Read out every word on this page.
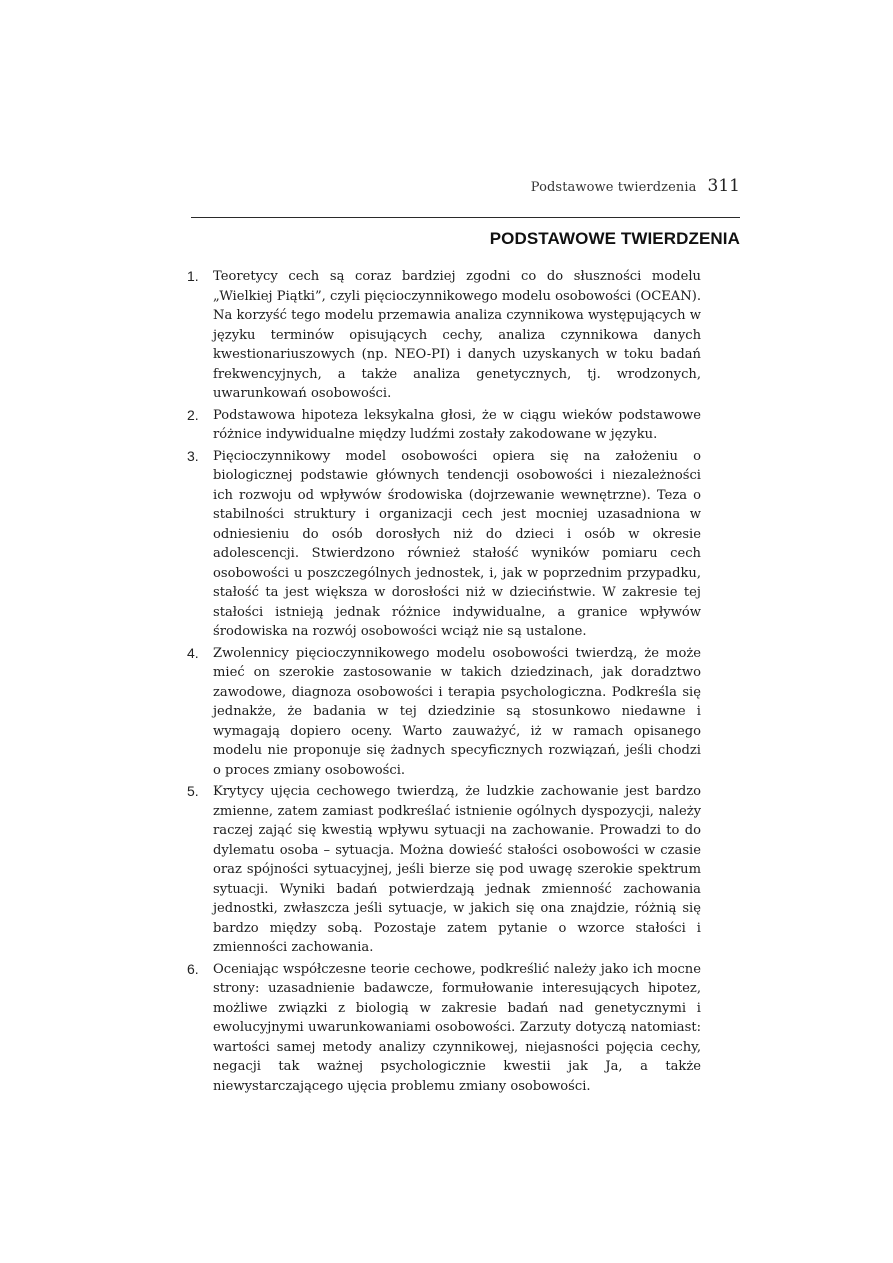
Podstawowe twierdzenia 311
PODSTAWOWE TWIERDZENIA
1. Teoretycy cech są coraz bardziej zgodni co do słuszności modelu „Wielkiej Piątki”, czyli pięcioczynnikowego modelu osobowości (OCEAN). Na korzyść tego modelu przemawia analiza czynnikowa występujących w języku terminów opisujących cechy, analiza czynnikowa danych kwestionariuszowych (np. NEO-PI) i danych uzyskanych w toku badań frekwencyjnych, a także analiza genetycznych, tj. wrodzonych, uwarunkowań osobowości.
2. Podstawowa hipoteza leksykalna głosi, że w ciągu wieków podstawowe różnice indywidualne między ludźmi zostały zakodowane w języku.
3. Pięcioczynnikowy model osobowości opiera się na założeniu o biologicznej podstawie głównych tendencji osobowości i niezależności ich rozwoju od wpływów środowiska (dojrzewanie wewnętrzne). Teza o stabilności struktury i organizacji cech jest mocniej uzasadniona w odniesieniu do osób dorosłych niż do dzieci i osób w okresie adolescencji. Stwierdzono również stałość wyników pomiaru cech osobowości u poszczególnych jednostek, i, jak w poprzednim przypadku, stałość ta jest większa w dorosłości niż w dzieciństwie. W zakresie tej stałości istnieją jednak różnice indywidualne, a granice wpływów środowiska na rozwój osobowości wciąż nie są ustalone.
4. Zwolennicy pięcioczynnikowego modelu osobowości twierdzą, że może mieć on szerokie zastosowanie w takich dziedzinach, jak doradztwo zawodowe, diagnoza osobowości i terapia psychologiczna. Podkreśla się jednakże, że badania w tej dziedzinie są stosunkowo niedawne i wymagają dopiero oceny. Warto zauważyć, iż w ramach opisanego modelu nie proponuje się żadnych specyficznych rozwiązań, jeśli chodzi o proces zmiany osobowości.
5. Krytycy ujęcia cechowego twierdzą, że ludzkie zachowanie jest bardzo zmienne, zatem zamiast podkreślać istnienie ogólnych dyspozycji, należy raczej zająć się kwestią wpływu sytuacji na zachowanie. Prowadzi to do dylematu osoba – sytuacja. Można dowieść stałości osobowości w czasie oraz spójności sytuacyjnej, jeśli bierze się pod uwagę szerokie spektrum sytuacji. Wyniki badań potwierdzają jednak zmienność zachowania jednostki, zwłaszcza jeśli sytuacje, w jakich się ona znajdzie, różnią się bardzo między sobą. Pozostaje zatem pytanie o wzorce stałości i zmienności zachowania.
6. Oceniając współczesne teorie cechowe, podkreślić należy jako ich mocne strony: uzasadnienie badawcze, formułowanie interesujących hipotez, możliwe związki z biologią w zakresie badań nad genetycznymi i ewolucyjnymi uwarunkowaniami osobowości. Zarzuty dotyczą natomiast: wartości samej metody analizy czynnikowej, niejasności pojęcia cechy, negacji tak ważnej psychologicznie kwestii jak Ja, a także niewystarczającego ujęcia problemu zmiany osobowości.
